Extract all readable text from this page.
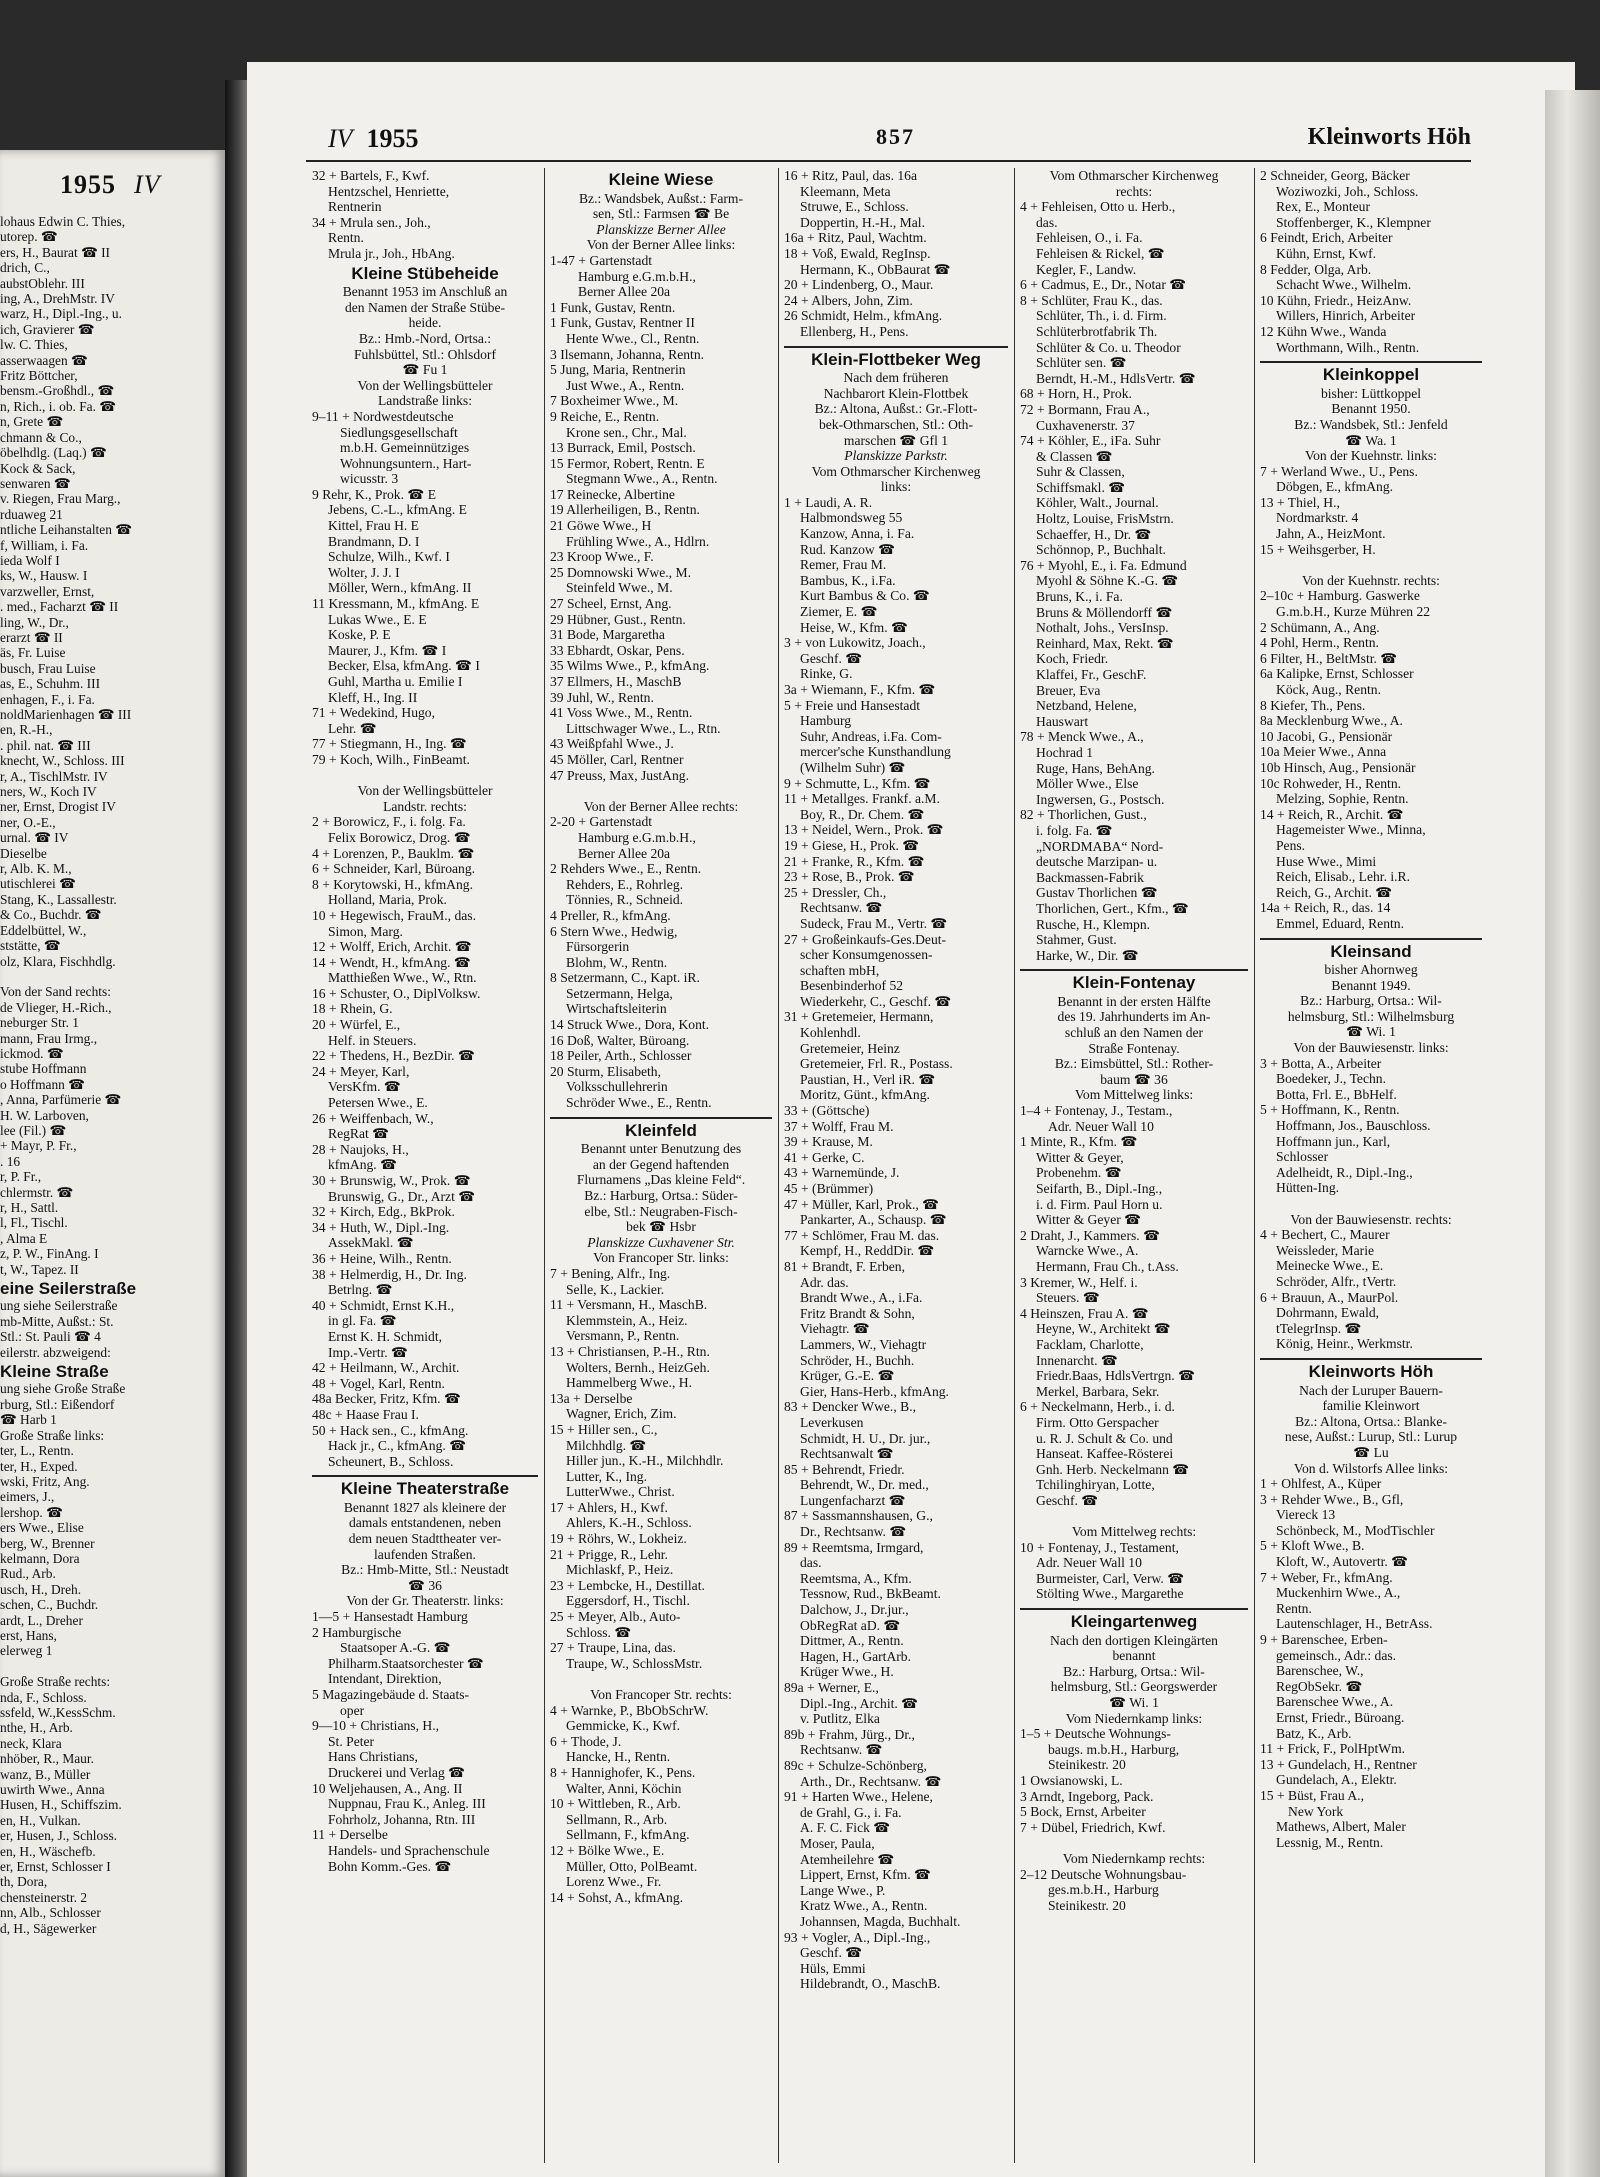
1955 IV
lohaus Edwin C. Thies,
utorep. ☎
ers, H., Baurat ☎ II
drich, C.,
aubstOblehr. III
ing, A., DrehMstr. IV
warz, H., Dipl.-Ing., u.
ich, Gravierer ☎
lw. C. Thies,
asserwaagen ☎
Fritz Böttcher,
bensm.-Großhdl., ☎
n, Rich., i. ob. Fa. ☎
n, Grete ☎
chmann & Co.,
öbelhdlg. (Laq.) ☎
Kock & Sack,
senwaren ☎
v. Riegen, Frau Marg.,
rduaweg 21
ntliche Leihanstalten ☎
f, William, i. Fa.
ieda Wolf I
ks, W., Hausw. I
varzweller, Ernst,
. med., Facharzt ☎ II
ling, W., Dr.,
erarzt ☎ II
äs, Fr. Luise
busch, Frau Luise
as, E., Schuhm. III
enhagen, F., i. Fa.
noldMarienhagen ☎ III
en, R.-H.,
. phil. nat. ☎ III
knecht, W., Schloss. III
r, A., TischlMstr. IV
ners, W., Koch IV
ner, Ernst, Drogist IV
ner, O.-E.,
urnal. ☎ IV
Dieselbe
r, Alb. K. M.,
utischlerei ☎
Stang, K., Lassallestr.
& Co., Buchdr. ☎
Eddelbüttel, W.,
ststätte, ☎
olz, Klara, Fischhdlg.

Von der Sand rechts:
de Vlieger, H.-Rich.,
neburger Str. 1
mann, Frau Irmg.,
ickmod. ☎
stube Hoffmann
o Hoffmann ☎
, Anna, Parfümerie ☎
H. W. Larboven,
lee (Fil.) ☎
+ Mayr, P. Fr.,
. 16
r, P. Fr.,
chlermstr. ☎
r, H., Sattl.
l, Fl., Tischl.
, Alma E
z, P. W., FinAng. I
t, W., Tapez. II
eine Seilerstraße
ung siehe Seilerstraße
mb-Mitte, Außst.: St.
Stl.: St. Pauli ☎ 4
eilerstr. abzweigend:
Kleine Straße
ung siehe Große Straße
rburg, Stl.: Eißendorf
☎ Harb 1
Große Straße links:
ter, L., Rentn.
ter, H., Exped.
wski, Fritz, Ang.
eimers, J.,
lershop. ☎
ers Wwe., Elise
berg, W., Brenner
kelmann, Dora
Rud., Arb.
usch, H., Dreh.
schen, C., Buchdr.
ardt, L., Dreher
erst, Hans,
elerweg 1

Große Straße rechts:
nda, F., Schloss.
ssfeld, W.,KessSchm.
nthe, H., Arb.
neck, Klara
nhöber, R., Maur.
wanz, B., Müller
uwirth Wwe., Anna
Husen, H., Schiffszim.
en, H., Vulkan.
er, Husen, J., Schloss.
en, H., Wäschefb.
er, Ernst, Schlosser I
th, Dora,
chensteinerstr. 2
nn, Alb., Schlosser
d, H., Sägewerker
IV 1955	857	Kleinworts Höh
32 + Bartels, F., Kwf.
Hentzschel, Henriette,
Rentnerin
34 + Mrula sen., Joh.,
Rentn.
Mrula jr., Joh., HbAng.
Kleine Stübeheide
Benannt 1953 im Anschluß an
den Namen der Straße Stübe-
heide.
Bz.: Hmb.-Nord, Ortsa.:
Fuhlsbüttel, Stl.: Ohlsdorf
☎ Fu 1
Von der Wellingsbütteler
Landstraße links:
9–11 + Nordwestdeutsche
Siedlungsgesellschaft
m.b.H. Gemeinnütziges
Wohnungsuntern., Hart-
wicusstr. 3
9 Rehr, K., Prok. ☎ E
Jebens, C.-L., kfmAng. E
Kittel, Frau H. E
Brandmann, D. I
Schulze, Wilh., Kwf. I
Wolter, J. J. I
Möller, Wern., kfmAng. II
11 Kressmann, M., kfmAng. E
Lukas Wwe., E. E
Koske, P. E
Maurer, J., Kfm. ☎ I
Becker, Elsa, kfmAng. ☎ I
Guhl, Martha u. Emilie I
Kleff, H., Ing. II
71 + Wedekind, Hugo,
Lehr. ☎
77 + Stiegmann, H., Ing. ☎
79 + Koch, Wilh., FinBeamt.

Von der Wellingsbütteler
Landstr. rechts:
2 + Borowicz, F., i. folg. Fa.
Felix Borowicz, Drog. ☎
4 + Lorenzen, P., Bauklm. ☎
6 + Schneider, Karl, Büroang.
8 + Korytowski, H., kfmAng.
Holland, Maria, Prok.
10 + Hegewisch, FrauM., das.
Simon, Marg.
12 + Wolff, Erich, Archit. ☎
14 + Wendt, H., kfmAng. ☎
Matthießen Wwe., W., Rtn.
16 + Schuster, O., DiplVolksw.
18 + Rhein, G.
20 + Würfel, E.,
Helf. in Steuers.
22 + Thedens, H., BezDir. ☎
24 + Meyer, Karl,
VersKfm. ☎
Petersen Wwe., E.
26 + Weiffenbach, W.,
RegRat ☎
28 + Naujoks, H.,
kfmAng. ☎
30 + Brunswig, W., Prok. ☎
Brunswig, G., Dr., Arzt ☎
32 + Kirch, Edg., BkProk.
34 + Huth, W., Dipl.-Ing.
AssekMakl. ☎
36 + Heine, Wilh., Rentn.
38 + Helmerdig, H., Dr. Ing.
Betrlng. ☎
40 + Schmidt, Ernst K.H.,
in gl. Fa. ☎
Ernst K. H. Schmidt,
Imp.-Vertr. ☎
42 + Heilmann, W., Archit.
48 + Vogel, Karl, Rentn.
48a Becker, Fritz, Kfm. ☎
48c + Haase Frau I.
50 + Hack sen., C., kfmAng.
Hack jr., C., kfmAng. ☎
Scheunert, B., Schloss.
Kleine Theaterstraße
Benannt 1827 als kleinere der
damals entstandenen, neben
dem neuen Stadttheater ver-
laufenden Straßen.
Bz.: Hmb-Mitte, Stl.: Neustadt
☎ 36
Von der Gr. Theaterstr. links:
1—5 + Hansestadt Hamburg
2 Hamburgische
Staatsoper A.-G. ☎
Philharm.Staatsorchester ☎
Intendant, Direktion,
5 Magazingebäude d. Staats-
oper
9—10 + Christians, H.,
St. Peter
Hans Christians,
Druckerei und Verlag ☎
10 Weljehausen, A., Ang. II
Nuppnau, Frau K., Anleg. III
Fohrholz, Johanna, Rtn. III
11 + Derselbe
Handels- und Sprachenschule
Bohn Komm.-Ges. ☎
Kleine Wiese
Bz.: Wandsbek, Außst.: Farm-
sen, Stl.: Farmsen ☎ Be
Planskizze Berner Allee
Von der Berner Allee links:
1-47 + Gartenstadt
Hamburg e.G.m.b.H.,
Berner Allee 20a
1 Funk, Gustav, Rentn.
1 Funk, Gustav, Rentner II
Hente Wwe., Cl., Rentn.
3 Ilsemann, Johanna, Rentn.
5 Jung, Maria, Rentnerin
Just Wwe., A., Rentn.
7 Boxheimer Wwe., M.
9 Reiche, E., Rentn.
Krone sen., Chr., Mal.
13 Burrack, Emil, Postsch.
15 Fermor, Robert, Rentn. E
Stegmann Wwe., A., Rentn.
17 Reinecke, Albertine
19 Allerheiligen, B., Rentn.
21 Göwe Wwe., H
Frühling Wwe., A., Hdlrn.
23 Kroop Wwe., F.
25 Domnowski Wwe., M.
Steinfeld Wwe., M.
27 Scheel, Ernst, Ang.
29 Hübner, Gust., Rentn.
31 Bode, Margaretha
33 Ebhardt, Oskar, Pens.
35 Wilms Wwe., P., kfmAng.
37 Ellmers, H., MaschB
39 Juhl, W., Rentn.
41 Voss Wwe., M., Rentn.
Littschwager Wwe., L., Rtn.
43 Weißpfahl Wwe., J.
45 Möller, Carl, Rentner
47 Preuss, Max, JustAng.

Von der Berner Allee rechts:
2-20 + Gartenstadt
Hamburg e.G.m.b.H.,
Berner Allee 20a
2 Rehders Wwe., E., Rentn.
Rehders, E., Rohrleg.
Tönnies, R., Schneid.
4 Preller, R., kfmAng.
6 Stern Wwe., Hedwig,
Fürsorgerin
Blohm, W., Rentn.
8 Setzermann, C., Kapt. iR.
Setzermann, Helga,
Wirtschaftsleiterin
14 Struck Wwe., Dora, Kont.
16 Doß, Walter, Büroang.
18 Peiler, Arth., Schlosser
20 Sturm, Elisabeth,
Volksschullehrerin
Schröder Wwe., E., Rentn.
Kleinfeld
Benannt unter Benutzung des
an der Gegend haftenden
Flurnamens „Das kleine Feld“.
Bz.: Harburg, Ortsa.: Süder-
elbe, Stl.: Neugraben-Fisch-
bek ☎ Hsbr
Planskizze Cuxhavener Str.
Von Francoper Str. links:
7 + Bening, Alfr., Ing.
Selle, K., Lackier.
11 + Versmann, H., MaschB.
Klemmstein, A., Heiz.
Versmann, P., Rentn.
13 + Christiansen, P.-H., Rtn.
Wolters, Bernh., HeizGeh.
Hammelberg Wwe., H.
13a + Derselbe
Wagner, Erich, Zim.
15 + Hiller sen., C.,
Milchhdlg. ☎
Hiller jun., K.-H., Milchhdlr.
Lutter, K., Ing.
LutterWwe., Christ.
17 + Ahlers, H., Kwf.
Ahlers, K.-H., Schloss.
19 + Röhrs, W., Lokheiz.
21 + Prigge, R., Lehr.
Michlaskf, P., Heiz.
23 + Lembcke, H., Destillat.
Eggersdorf, H., Tischl.
25 + Meyer, Alb., Auto-
Schloss. ☎
27 + Traupe, Lina, das.
Traupe, W., SchlossMstr.

Von Francoper Str. rechts:
4 + Warnke, P., BbObSchrW.
Gemmicke, K., Kwf.
6 + Thode, J.
Hancke, H., Rentn.
8 + Hannighofer, K., Pens.
Walter, Anni, Köchin
10 + Wittleben, R., Arb.
Sellmann, R., Arb.
Sellmann, F., kfmAng.
12 + Bölke Wwe., E.
Müller, Otto, PolBeamt.
Lorenz Wwe., Fr.
14 + Sohst, A., kfmAng.
16 + Ritz, Paul, das. 16a
Kleemann, Meta
Struwe, E., Schloss.
Doppertin, H.-H., Mal.
16a + Ritz, Paul, Wachtm.
18 + Voß, Ewald, RegInsp.
Hermann, K., ObBaurat ☎
20 + Lindenberg, O., Maur.
24 + Albers, John, Zim.
26 Schmidt, Helm., kfmAng.
Ellenberg, H., Pens.
Klein-Flottbeker Weg
Nach dem früheren
Nachbarort Klein-Flottbek
Bz.: Altona, Außst.: Gr.-Flott-
bek-Othmarschen, Stl.: Oth-
marschen ☎ Gfl 1
Planskizze Parkstr.
Vom Othmarscher Kirchenweg
links:
1 + Laudi, A. R.
Halbmondsweg 55
Kanzow, Anna, i. Fa.
Rud. Kanzow ☎
Remer, Frau M.
Bambus, K., i.Fa.
Kurt Bambus & Co. ☎
Ziemer, E. ☎
Heise, W., Kfm. ☎
3 + von Lukowitz, Joach.,
Geschf. ☎
Rinke, G.
3a + Wiemann, F., Kfm. ☎
5 + Freie und Hansestadt
Hamburg
Suhr, Andreas, i.Fa. Com-
mercer'sche Kunsthandlung
(Wilhelm Suhr) ☎
9 + Schmutte, L., Kfm. ☎
11 + Metallges. Frankf. a.M.
Boy, R., Dr. Chem. ☎
13 + Neidel, Wern., Prok. ☎
19 + Giese, H., Prok. ☎
21 + Franke, R., Kfm. ☎
23 + Rose, B., Prok. ☎
25 + Dressler, Ch.,
Rechtsanw. ☎
Sudeck, Frau M., Vertr. ☎
27 + Großeinkaufs-Ges.Deut-
scher Konsumgenossen-
schaften mbH,
Besenbinderhof 52
Wiederkehr, C., Geschf. ☎
31 + Gretemeier, Hermann,
Kohlenhdl.
Gretemeier, Heinz
Gretemeier, Frl. R., Postass.
Paustian, H., Verl iR. ☎
Moritz, Günt., kfmAng.
33 + (Göttsche)
37 + Wolff, Frau M.
39 + Krause, M.
41 + Gerke, C.
43 + Warnemünde, J.
45 + (Brümmer)
47 + Müller, Karl, Prok., ☎
Pankarter, A., Schausp. ☎
77 + Schlömer, Frau M. das.
Kempf, H., ReddDir. ☎
81 + Brandt, F. Erben,
Adr. das.
Brandt Wwe., A., i.Fa.
Fritz Brandt & Sohn,
Viehagtr. ☎
Lammers, W., Viehagtr
Schröder, H., Buchh.
Krüger, G.-E. ☎
Gier, Hans-Herb., kfmAng.
83 + Dencker Wwe., B.,
Leverkusen
Schmidt, H. U., Dr. jur.,
Rechtsanwalt ☎
85 + Behrendt, Friedr.
Behrendt, W., Dr. med.,
Lungenfacharzt ☎
87 + Sassmannshausen, G.,
Dr., Rechtsanw. ☎
89 + Reemtsma, Irmgard,
das.
Reemtsma, A., Kfm.
Tessnow, Rud., BkBeamt.
Dalchow, J., Dr.jur.,
ObRegRat aD. ☎
Dittmer, A., Rentn.
Hagen, H., GartArb.
Krüger Wwe., H.
89a + Werner, E.,
Dipl.-Ing., Archit. ☎
v. Putlitz, Elka
89b + Frahm, Jürg., Dr.,
Rechtsanw. ☎
89c + Schulze-Schönberg,
Arth., Dr., Rechtsanw. ☎
91 + Harten Wwe., Helene,
de Grahl, G., i. Fa.
A. F. C. Fick ☎
Moser, Paula,
Atemheilehre ☎
Lippert, Ernst, Kfm. ☎
Lange Wwe., P.
Kratz Wwe., A., Rentn.
Johannsen, Magda, Buchhalt.
93 + Vogler, A., Dipl.-Ing.,
Geschf. ☎
Hüls, Emmi
Hildebrandt, O., MaschB.
Vom Othmarscher Kirchenweg
rechts:
4 + Fehleisen, Otto u. Herb.,
das.
Fehleisen, O., i. Fa.
Fehleisen & Rickel, ☎
Kegler, F., Landw.
6 + Cadmus, E., Dr., Notar ☎
8 + Schlüter, Frau K., das.
Schlüter, Th., i. d. Firm.
Schlüterbrotfabrik Th.
Schlüter & Co. u. Theodor
Schlüter sen. ☎
Berndt, H.-M., HdlsVertr. ☎
68 + Horn, H., Prok.
72 + Bormann, Frau A.,
Cuxhavenerstr. 37
74 + Köhler, E., iFa. Suhr
& Classen ☎
Suhr & Classen,
Schiffsmakl. ☎
Köhler, Walt., Journal.
Holtz, Louise, FrisMstrn.
Schaeffer, H., Dr. ☎
Schönnop, P., Buchhalt.
76 + Myohl, E., i. Fa. Edmund
Myohl & Söhne K.-G. ☎
Bruns, K., i. Fa.
Bruns & Möllendorff ☎
Nothalt, Johs., VersInsp.
Reinhard, Max, Rekt. ☎
Koch, Friedr.
Klaffei, Fr., GeschF.
Breuer, Eva
Netzband, Helene,
Hauswart
78 + Menck Wwe., A.,
Hochrad 1
Ruge, Hans, BehAng.
Möller Wwe., Else
Ingwersen, G., Postsch.
82 + Thorlichen, Gust.,
i. folg. Fa. ☎
„NORDMABA“ Nord-
deutsche Marzipan- u.
Backmassen-Fabrik
Gustav Thorlichen ☎
Thorlichen, Gert., Kfm., ☎
Rusche, H., Klempn.
Stahmer, Gust.
Harke, W., Dir. ☎
Klein-Fontenay
Benannt in der ersten Hälfte
des 19. Jahrhunderts im An-
schluß an den Namen der
Straße Fontenay.
Bz.: Eimsbüttel, Stl.: Rother-
baum ☎ 36
Vom Mittelweg links:
1–4 + Fontenay, J., Testam.,
Adr. Neuer Wall 10
1 Minte, R., Kfm. ☎
Witter & Geyer,
Probenehm. ☎
Seifarth, B., Dipl.-Ing.,
i. d. Firm. Paul Horn u.
Witter & Geyer ☎
2 Draht, J., Kammers. ☎
Warncke Wwe., A.
Hermann, Frau Ch., t.Ass.
3 Kremer, W., Helf. i.
Steuers. ☎
4 Heinszen, Frau A. ☎
Heyne, W., Architekt ☎
Facklam, Charlotte,
Innenarcht. ☎
Friedr.Baas, HdlsVertrgn. ☎
Merkel, Barbara, Sekr.
6 + Neckelmann, Herb., i. d.
Firm. Otto Gerspacher
u. R. J. Schult & Co. und
Hanseat. Kaffee-Rösterei
Gnh. Herb. Neckelmann ☎
Tchilinghiryan, Lotte,
Geschf. ☎

Vom Mittelweg rechts:
10 + Fontenay, J., Testament,
Adr. Neuer Wall 10
Burmeister, Carl, Verw. ☎
Stölting Wwe., Margarethe
Kleingartenweg
Nach den dortigen Kleingärten
benannt
Bz.: Harburg, Ortsa.: Wil-
helmsburg, Stl.: Georgswerder
☎ Wi. 1
Vom Niedernkamp links:
1–5 + Deutsche Wohnungs-
baugs. m.b.H., Harburg,
Steinikestr. 20
1 Owsianowski, L.
3 Arndt, Ingeborg, Pack.
5 Bock, Ernst, Arbeiter
7 + Dübel, Friedrich, Kwf.

Vom Niedernkamp rechts:
2–12 Deutsche Wohnungsbau-
ges.m.b.H., Harburg
Steinikestr. 20
2 Schneider, Georg, Bäcker
Woziwozki, Joh., Schloss.
Rex, E., Monteur
Stoffenberger, K., Klempner
6 Feindt, Erich, Arbeiter
Kühn, Ernst, Kwf.
8 Fedder, Olga, Arb.
Schacht Wwe., Wilhelm.
10 Kühn, Friedr., HeizAnw.
Willers, Hinrich, Arbeiter
12 Kühn Wwe., Wanda
Worthmann, Wilh., Rentn.
Kleinkoppel
bisher: Lüttkoppel
Benannt 1950.
Bz.: Wandsbek, Stl.: Jenfeld
☎ Wa. 1
Von der Kuehnstr. links:
7 + Werland Wwe., U., Pens.
Döbgen, E., kfmAng.
13 + Thiel, H.,
Nordmarkstr. 4
Jahn, A., HeizMont.
15 + Weihsgerber, H.

Von der Kuehnstr. rechts:
2–10c + Hamburg. Gaswerke
G.m.b.H., Kurze Mühren 22
2 Schümann, A., Ang.
4 Pohl, Herm., Rentn.
6 Filter, H., BeltMstr. ☎
6a Kalipke, Ernst, Schlosser
Köck, Aug., Rentn.
8 Kiefer, Th., Pens.
8a Mecklenburg Wwe., A.
10 Jacobi, G., Pensionär
10a Meier Wwe., Anna
10b Hinsch, Aug., Pensionär
10c Rohweder, H., Rentn.
Melzing, Sophie, Rentn.
14 + Reich, R., Archit. ☎
Hagemeister Wwe., Minna,
Pens.
Huse Wwe., Mimi
Reich, Elisab., Lehr. i.R.
Reich, G., Archit. ☎
14a + Reich, R., das. 14
Emmel, Eduard, Rentn.
Kleinsand
bisher Ahornweg
Benannt 1949.
Bz.: Harburg, Ortsa.: Wil-
helmsburg, Stl.: Wilhelmsburg
☎ Wi. 1
Von der Bauwiesenstr. links:
3 + Botta, A., Arbeiter
Boedeker, J., Techn.
Botta, Frl. E., BbHelf.
5 + Hoffmann, K., Rentn.
Hoffmann, Jos., Bauschloss.
Hoffmann jun., Karl,
Schlosser
Adelheidt, R., Dipl.-Ing.,
Hütten-Ing.

Von der Bauwiesenstr. rechts:
4 + Bechert, C., Maurer
Weissleder, Marie
Meinecke Wwe., E.
Schröder, Alfr., tVertr.
6 + Brauun, A., MaurPol.
Dohrmann, Ewald,
tTelegrInsp. ☎
König, Heinr., Werkmstr.
Kleinworts Höh
Nach der Luruper Bauern-
familie Kleinwort
Bz.: Altona, Ortsa.: Blanke-
nese, Außst.: Lurup, Stl.: Lurup
☎ Lu
Von d. Wilstorfs Allee links:
1 + Ohlfest, A., Küper
3 + Rehder Wwe., B., Gfl,
Viereck 13
Schönbeck, M., ModTischler
5 + Kloft Wwe., B.
Kloft, W., Autovertr. ☎
7 + Weber, Fr., kfmAng.
Muckenhirn Wwe., A.,
Rentn.
Lautenschlager, H., BetrAss.
9 + Barenschee, Erben-
gemeinsch., Adr.: das.
Barenschee, W.,
RegObSekr. ☎
Barenschee Wwe., A.
Ernst, Friedr., Büroang.
Batz, K., Arb.
11 + Frick, F., PolHptWm.
13 + Gundelach, H., Rentner
Gundelach, A., Elektr.
15 + Büst, Frau A.,
New York
Mathews, Albert, Maler
Lessnig, M., Rentn.
